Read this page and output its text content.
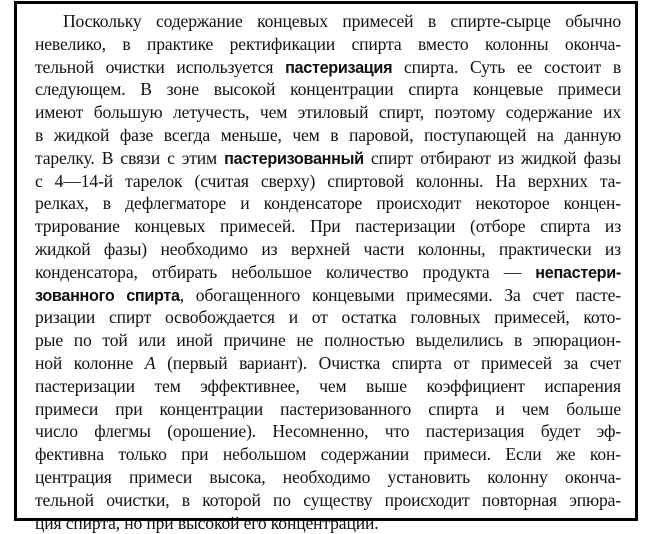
Поскольку содержание концевых примесей в спирте-сырце обычно
невелико, в практике ректификации спирта вместо колонны оконча-
тельной очистки используется пастеризация спирта. Суть ее состоит в
следующем. В зоне высокой концентрации спирта концевые примеси
имеют большую летучесть, чем этиловый спирт, поэтому содержание их
в жидкой фазе всегда меньше, чем в паровой, поступающей на данную
тарелку. В связи с этим пастеризованный спирт отбирают из жидкой фазы
с 4—14-й тарелок (считая сверху) спиртовой колонны. На верхних та-
релках, в дефлегматоре и конденсаторе происходит некоторое концен-
трирование концевых примесей. При пастеризации (отборе спирта из
жидкой фазы) необходимо из верхней части колонны, практически из
конденсатора, отбирать небольшое количество продукта — непастери-
зованного спирта, обогащенного концевыми примесями. За счет пасте-
ризации спирт освобождается и от остатка головных примесей, кото-
рые по той или иной причине не полностью выделились в эпюрацион-
ной колонне А (первый вариант). Очистка спирта от примесей за счет
пастеризации тем эффективнее, чем выше коэффициент испарения
примеси при концентрации пастеризованного спирта и чем больше
число флегмы (орошение). Несомненно, что пастеризация будет эф-
фективна только при небольшом содержании примеси. Если же кон-
центрация примеси высока, необходимо установить колонну оконча-
тельной очистки, в которой по существу происходит повторная эпюра-
ция спирта, но при высокой его концентрации.
